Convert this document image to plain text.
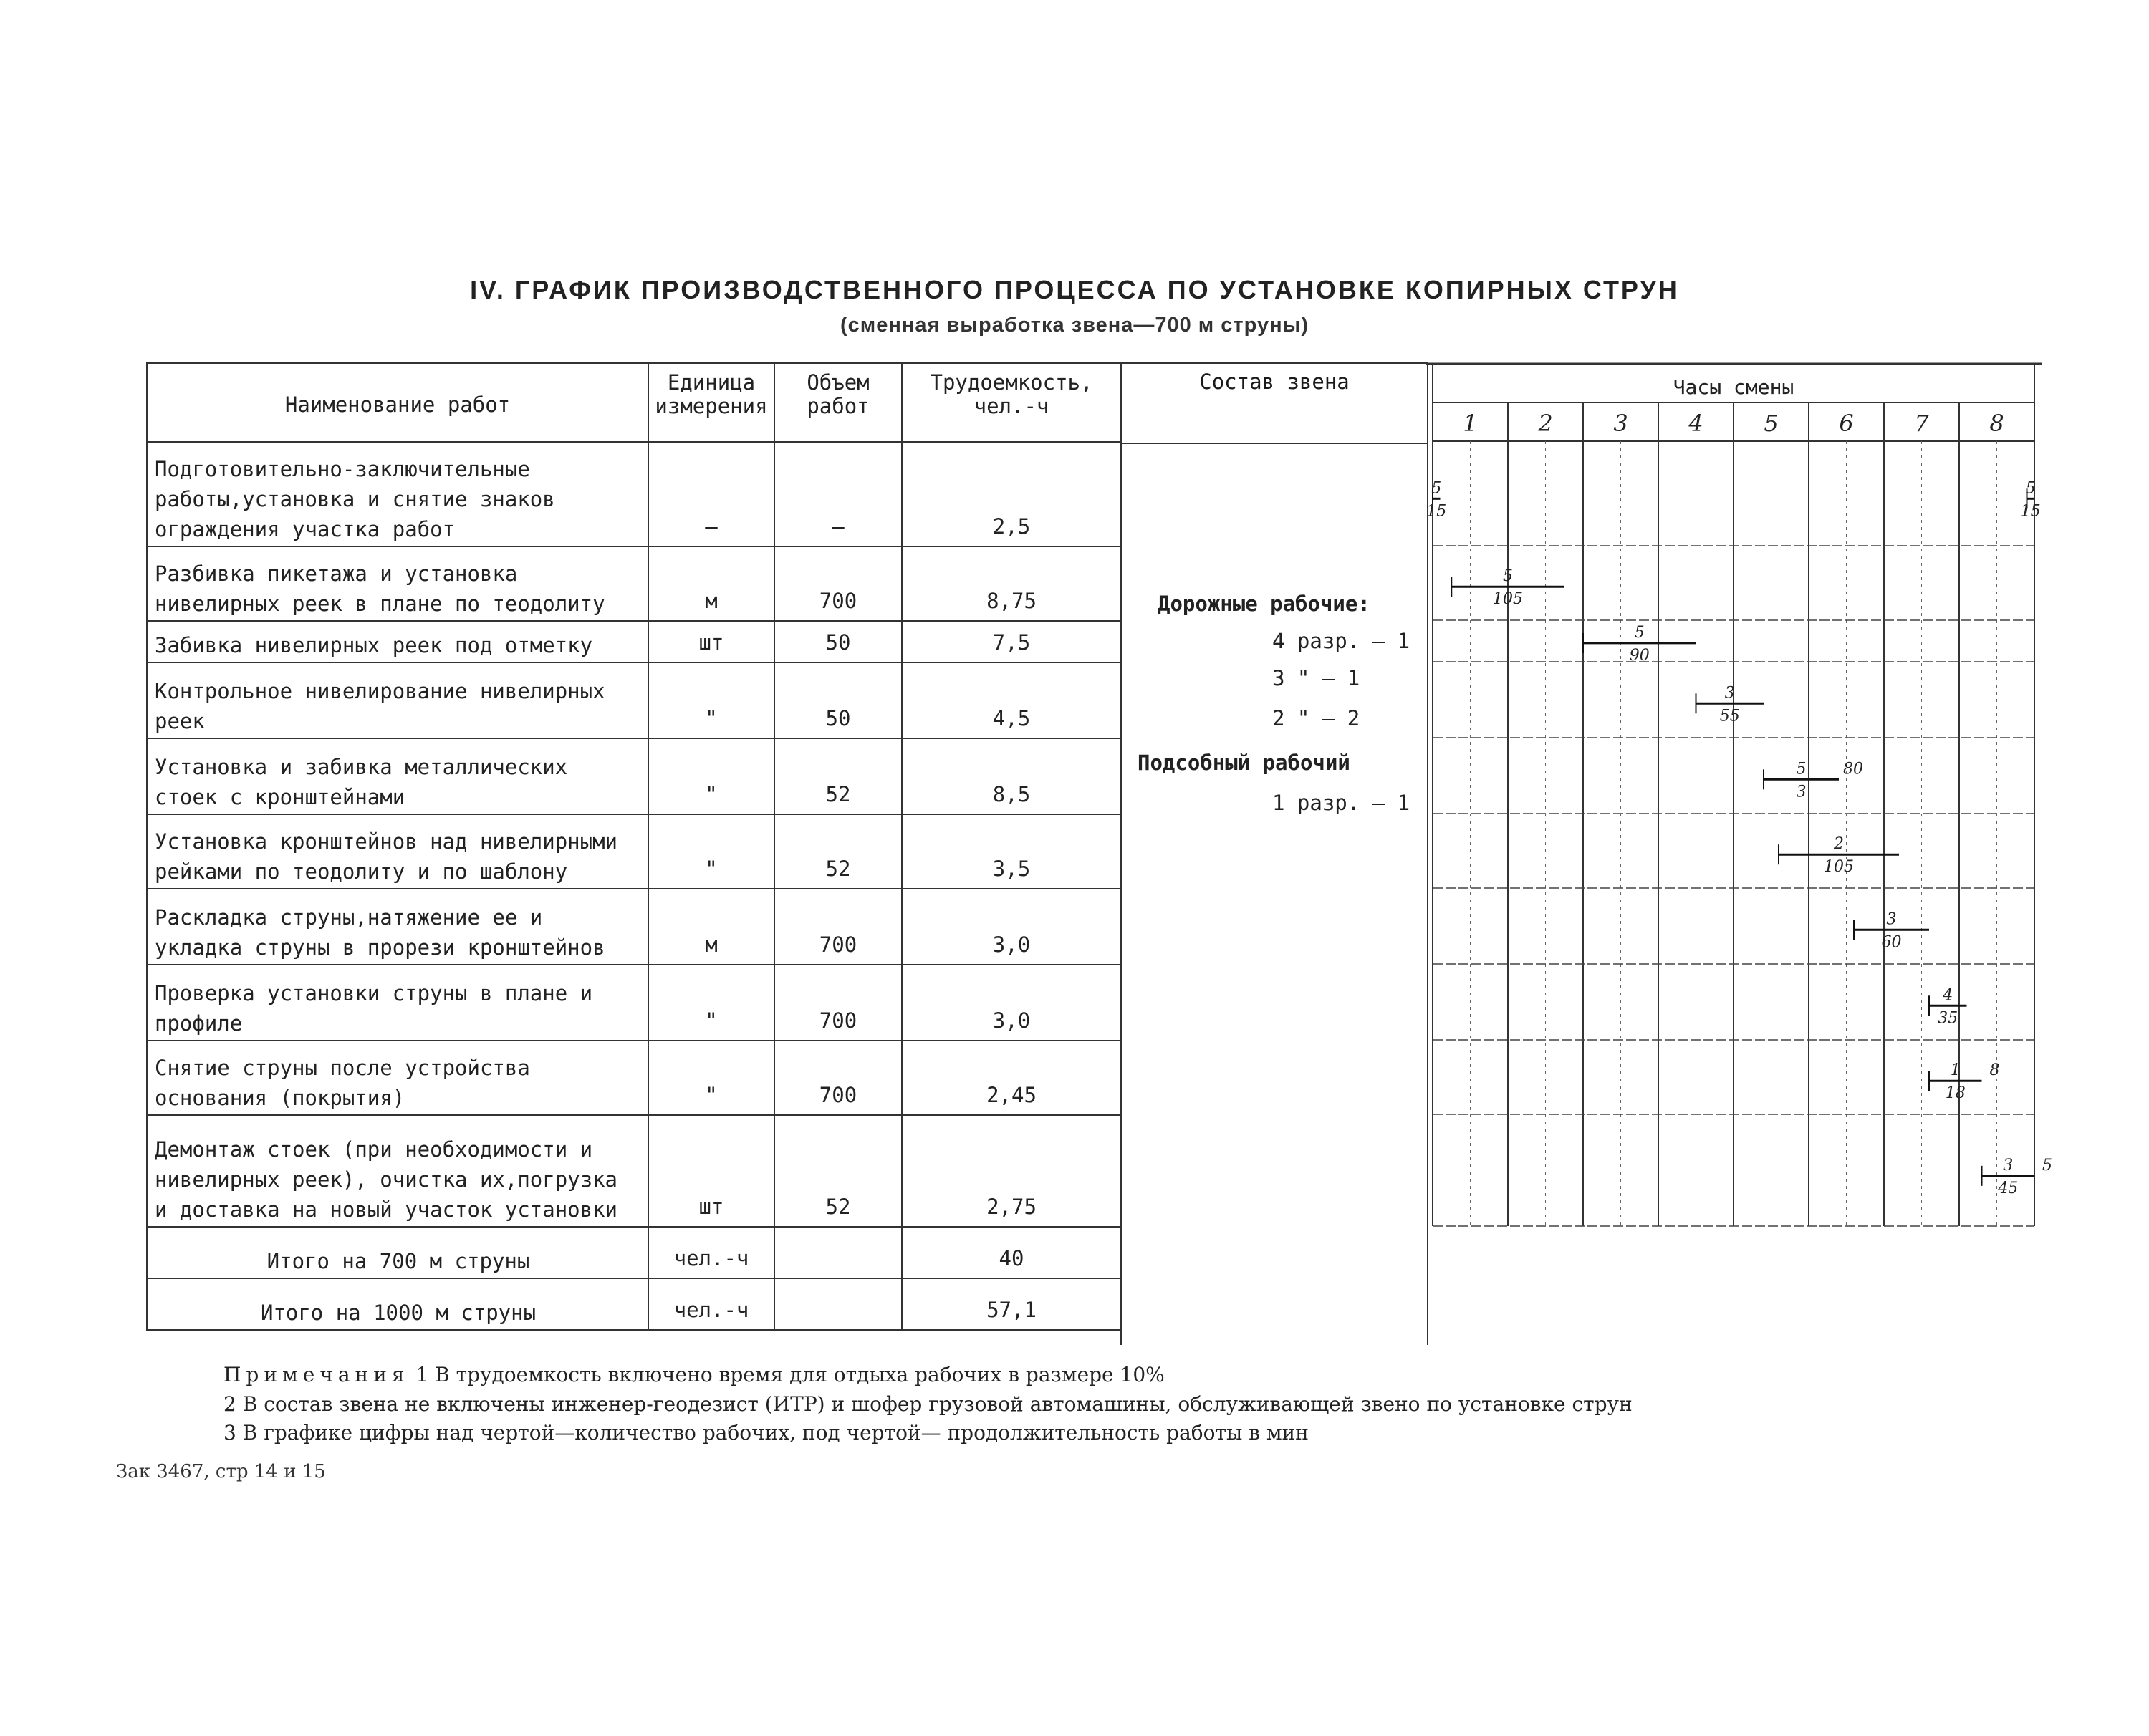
IV. ГРАФИК ПРОИЗВОДСТВЕННОГО ПРОЦЕССА ПО УСТАНОВКЕ КОПИРНЫХ СТРУН
(сменная выработка звена—700 м струны)
Наименование работ	Единица измерения	Объем работ	Трудоемкость, чел.-ч
Подготовительно-заключительные работы,установка и снятие знаков ограждения участка работ	—	—	2,5
Разбивка пикетажа и установка нивелирных реек в плане по теодолиту	м	700	8,75
Забивка нивелирных реек под отметку	шт	50	7,5
Контрольное нивелирование нивелирных реек	"	50	4,5
Установка и забивка металлических стоек с кронштейнами	"	52	8,5
Установка кронштейнов над нивелирными рейками по теодолиту и по шаблону	"	52	3,5
Раскладка струны,натяжение ее и укладка струны в прорези кронштейнов	м	700	3,0
Проверка установки струны в плане и профиле	"	700	3,0
Снятие струны после устройства основания (покрытия)	"	700	2,45
Демонтаж стоек (при необходимости и нивелирных реек), очистка их,погрузка и доставка на новый участок установки	шт	52	2,75
Итого на 700 м струны	чел.-ч		40
Итого на 1000 м струны	чел.-ч		57,1
Состав звена
Дорожные рабочие:
4 разр. — 1
3 " — 1
2 " — 2
Подсобный рабочий
1 разр. — 1
Часы смены
1	2	3	4	5	6	7	8
5
15
5
15
5
105
5
90
3
55
5
3
80
2
105
3
60
4
35
1
18
8
3
45
5
Примечания 1 В трудоемкость включено время для отдыха рабочих в размере 10%
2 В состав звена не включены инженер-геодезист (ИТР) и шофер грузовой автомашины, обслуживающей звено по установке струн
3 В графике цифры над чертой—количество рабочих, под чертой— продолжительность работы в мин
Зак 3467, стр 14 и 15
